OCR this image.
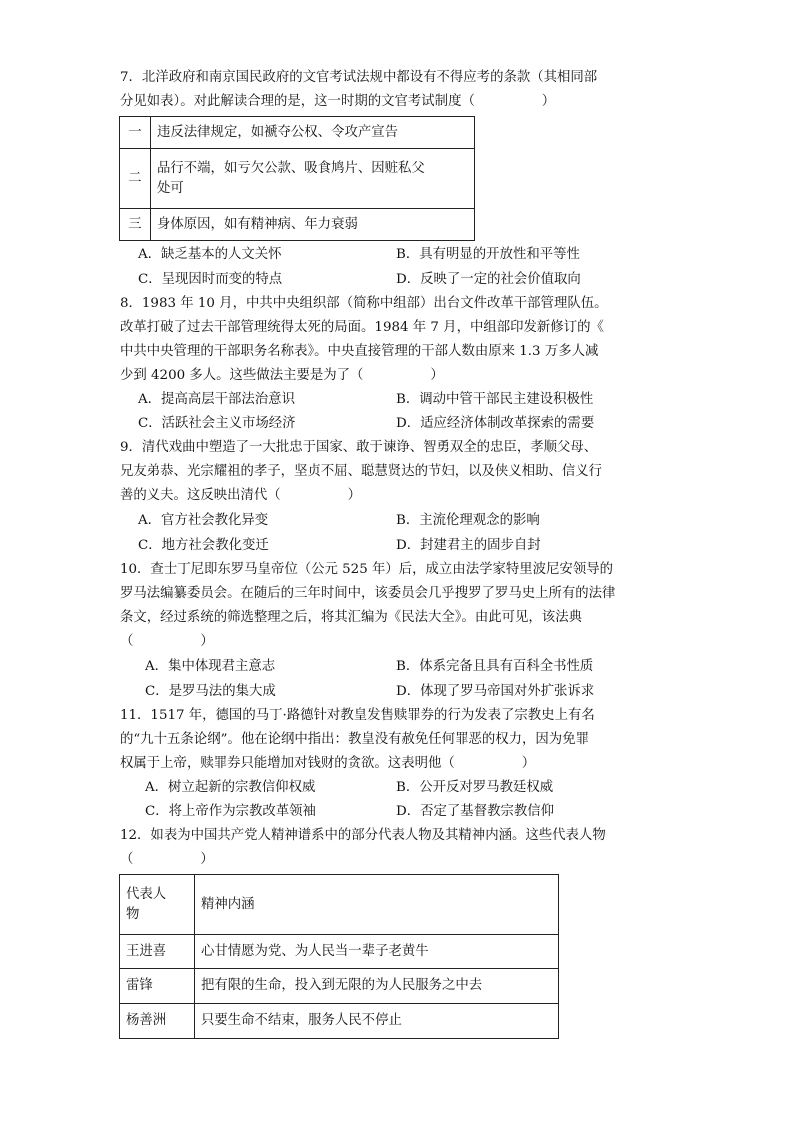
7．北洋政府和南京国民政府的文官考试法规中都设有不得应考的条款（其相同部
分见如表）。对此解读合理的是，这一时期的文官考试制度（　　　　　）
一	违反法律规定，如褫夺公权、令攻产宣告
二	品行不端，如亏欠公款、吸食鸠片、因赃私父
处可

三	身体原因，如有精神病、年力衰弱
A．缺乏基本的人文关怀	B．具有明显的开放性和平等性
C．呈现因时而变的特点	D．反映了一定的社会价值取向
8．1983 年 10 月，中共中央组织部（简称中组部）出台文件改革干部管理队伍。
改革打破了过去干部管理统得太死的局面。1984 年 7 月，中组部印发新修订的《
中共中央管理的干部职务名称表》。中央直接管理的干部人数由原来 1.3 万多人减
少到 4200 多人。这些做法主要是为了（　　　　　）
A．提高高层干部法治意识	B．调动中管干部民主建设积极性
C．活跃社会主义市场经济	D．适应经济体制改革探索的需要
9．清代戏曲中塑造了一大批忠于国家、敢于谏诤、智勇双全的忠臣，孝顺父母、
兄友弟恭、光宗耀祖的孝子，坚贞不屈、聪慧贤达的节妇，以及侠义相助、信义行
善的义夫。这反映出清代（　　　　　）
A．官方社会教化异变	B．主流伦理观念的影响
C．地方社会教化变迁	D．封建君主的固步自封
10．查士丁尼即东罗马皇帝位（公元 525 年）后，成立由法学家特里波尼安领导的
罗马法编纂委员会。在随后的三年时间中，该委员会几乎搜罗了罗马史上所有的法律
条文，经过系统的筛选整理之后，将其汇编为《民法大全》。由此可见，该法典
（　　　　　）
A．集中体现君主意志	B．体系完备且具有百科全书性质
C．是罗马法的集大成	D．体现了罗马帝国对外扩张诉求
11．1517 年，德国的马丁·路德针对教皇发售赎罪券的行为发表了宗教史上有名
的“九十五条论纲”。他在论纲中指出：教皇没有赦免任何罪恶的权力，因为免罪
权属于上帝，赎罪券只能增加对钱财的贪欲。这表明他（　　　　　）
A．树立起新的宗教信仰权威	B．公开反对罗马教廷权威
C．将上帝作为宗教改革领袖	D．否定了基督教宗教信仰
12．如表为中国共产党人精神谱系中的部分代表人物及其精神内涵。这些代表人物
（　　　　　）
代表人
物	精神内涵
王进喜	心甘情愿为党、为人民当一辈子老黄牛
雷锋	把有限的生命，投入到无限的为人民服务之中去
杨善洲	只要生命不结束，服务人民不停止
